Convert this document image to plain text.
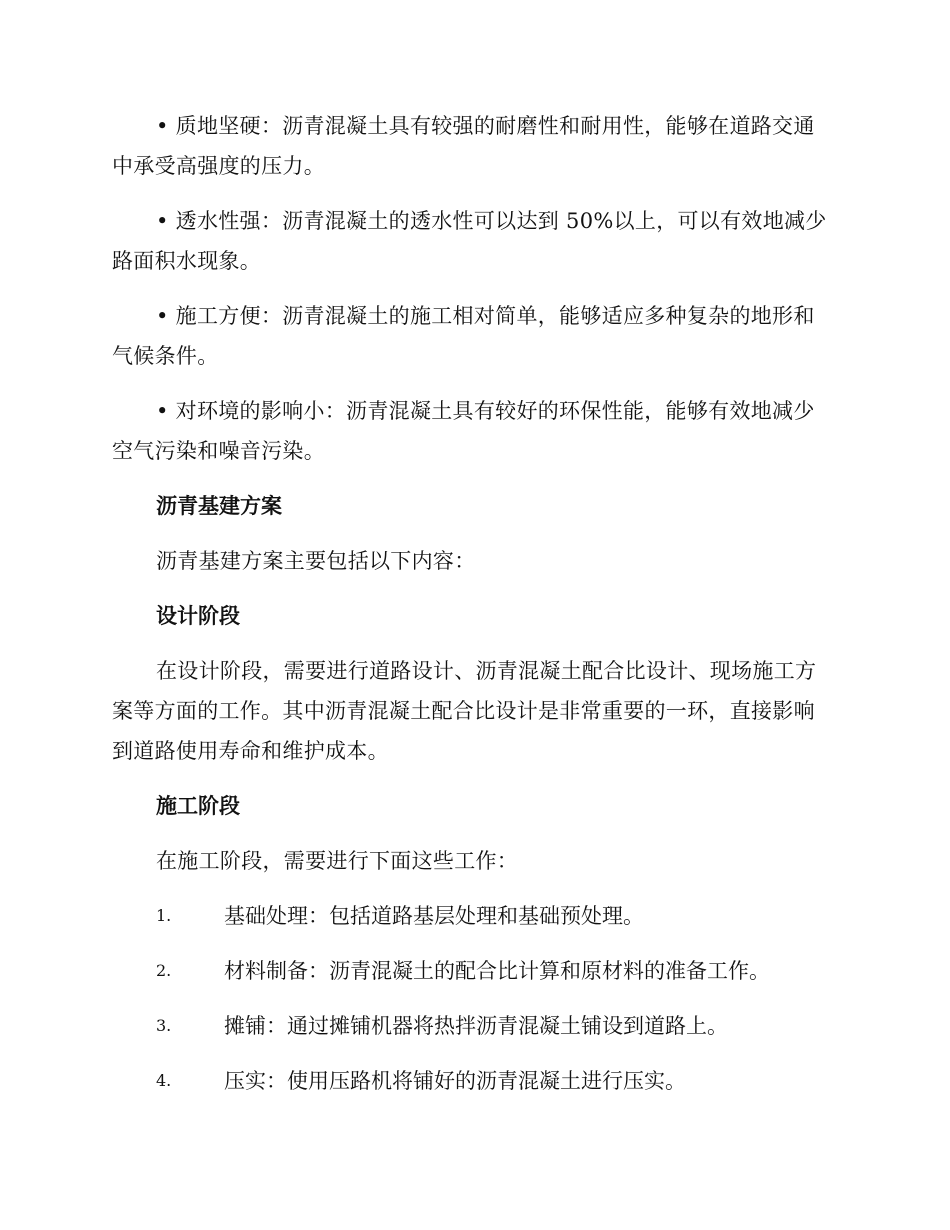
• 质地坚硬：沥青混凝土具有较强的耐磨性和耐用性，能够在道路交通中承受高强度的压力。

• 透水性强：沥青混凝土的透水性可以达到 50%以上，可以有效地减少路面积水现象。

• 施工方便：沥青混凝土的施工相对简单，能够适应多种复杂的地形和气候条件。

• 对环境的影响小：沥青混凝土具有较好的环保性能，能够有效地减少空气污染和噪音污染。

沥青基建方案

沥青基建方案主要包括以下内容：

设计阶段

在设计阶段，需要进行道路设计、沥青混凝土配合比设计、现场施工方案等方面的工作。其中沥青混凝土配合比设计是非常重要的一环，直接影响到道路使用寿命和维护成本。

施工阶段

在施工阶段，需要进行下面这些工作：

1.	基础处理：包括道路基层处理和基础预处理。
2.	材料制备：沥青混凝土的配合比计算和原材料的准备工作。
3.	摊铺：通过摊铺机器将热拌沥青混凝土铺设到道路上。
4.	压实：使用压路机将铺好的沥青混凝土进行压实。
